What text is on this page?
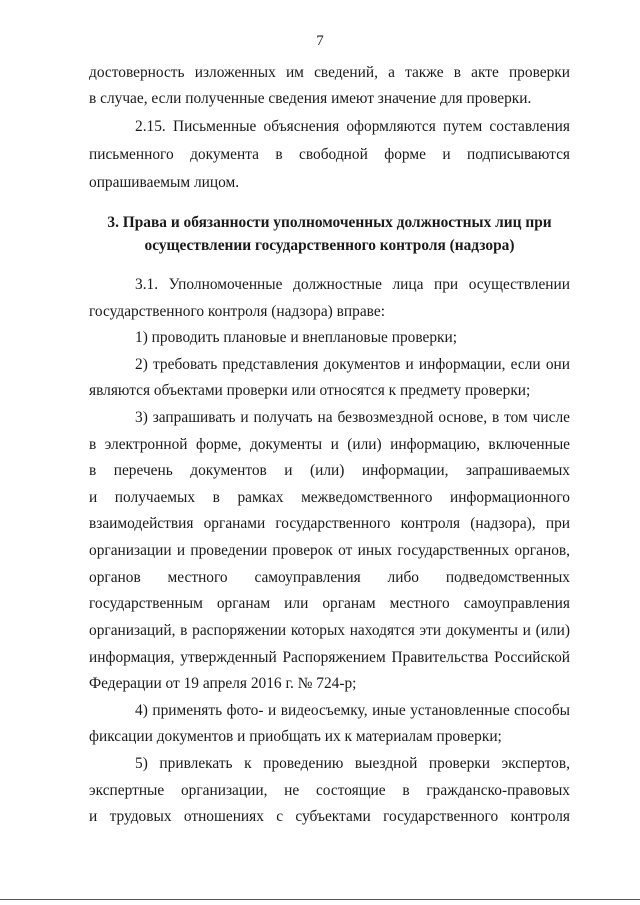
7
достоверность изложенных им сведений, а также в акте проверки
в случае, если полученные сведения имеют значение для проверки.
2.15. Письменные объяснения оформляются путем составления
письменного документа в свободной форме и подписываются
опрашиваемым лицом.
3. Права и обязанности уполномоченных должностных лиц при
осуществлении государственного контроля (надзора)
3.1. Уполномоченные должностные лица при осуществлении
государственного контроля (надзора) вправе:
1) проводить плановые и внеплановые проверки;
2) требовать представления документов и информации, если они
являются объектами проверки или относятся к предмету проверки;
3) запрашивать и получать на безвозмездной основе, в том числе
в электронной форме, документы и (или) информацию, включенные
в перечень документов и (или) информации, запрашиваемых
и получаемых в рамках межведомственного информационного
взаимодействия органами государственного контроля (надзора), при
организации и проведении проверок от иных государственных органов,
органов местного самоуправления либо подведомственных
государственным органам или органам местного самоуправления
организаций, в распоряжении которых находятся эти документы и (или)
информация, утвержденный Распоряжением Правительства Российской
Федерации от 19 апреля 2016 г. № 724-р;
4) применять фото- и видеосъемку, иные установленные способы
фиксации документов и приобщать их к материалам проверки;
5) привлекать к проведению выездной проверки экспертов,
экспертные организации, не состоящие в гражданско-правовых
и трудовых отношениях с субъектами государственного контроля
